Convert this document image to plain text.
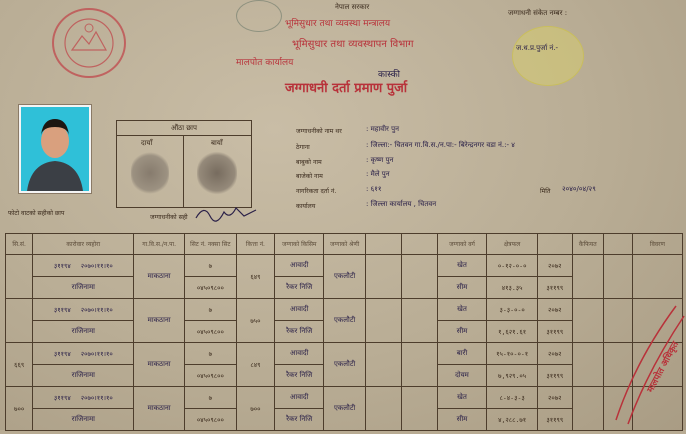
नेपाल सरकार
भूमिसुधार तथा व्यवस्था मन्त्रालय
भूमिसुधार तथा व्यवस्थापन विभाग
मालपोत कार्यालय
कास्की
जग्गाधनी दर्ता प्रमाण पुर्जा
जग्गाधनी संकेत नम्बर :
ज.ध.प्र.पुर्जा नं.-
फोटो वाटको सहीको छाप
औंठा छाप
दायाँ	बायाँ
जग्गाधनीको सही
जग्गाधनीको नाम थर	: महावीर पुन
ठेगाना	: जिल्ला:- चितवन गा.वि.स./न.पा:- बिरेन्द्रनगर वडा नं.:- ४
बाबुको नाम	: कृष्ण पुन
बाजेको नाम	: मैले पुन
नागरिकता दर्ता नं.	: ६११	मिति २०४०/०४/२९
कार्यालय	: जिल्ला कार्यालय , चितवन
सि.सं.	कारोवार व्यहोरा	गा.वि.स./न.पा.	सिट नं. नक्सा सिट	कित्ता नं.	जग्गाको किसिम	जग्गाको श्रेणी			जग्गाको वर्ग	क्षेत्रफल		कैफियत		विवरण
	३११९४ २०७०।११।१०	माकठाना	७	६४९	आवादी	एकलौटी			खेत	०-१२-०-०	२०७२			
	राजिनामा		०४५०९८००		रैकर निजि				सीम	४१३.३५	३११९९			
	३११९४ २०७०।११।१०	माकठाना	७	७५०	आवादी	एकलौटी			खेत	३-३-०-०	२०७२			
	राजिनामा		०४५०९८००		रैकर निजि				सीम	१,६२१.६१	३११९९			
६६९	३११९४ २०७०।११।१०	माकठाना	७	८४९	आवादी	एकलौटी			बारी	१५-१०-०-१	२०७२			
	राजिनामा		०४५०९८००		रैकर निजि				दोयम	७,९२९.०५	३११९९			
७००	३११९४ २०७०।११।१०	माकठाना	७	७००	आवादी	एकलौटी			खेत	८-४-३-३	२०७२			
	राजिनामा		०४५०९८००		रैकर निजि				सीम	४,२८८.७१	३११९९			
मालपोत अधिकृत
